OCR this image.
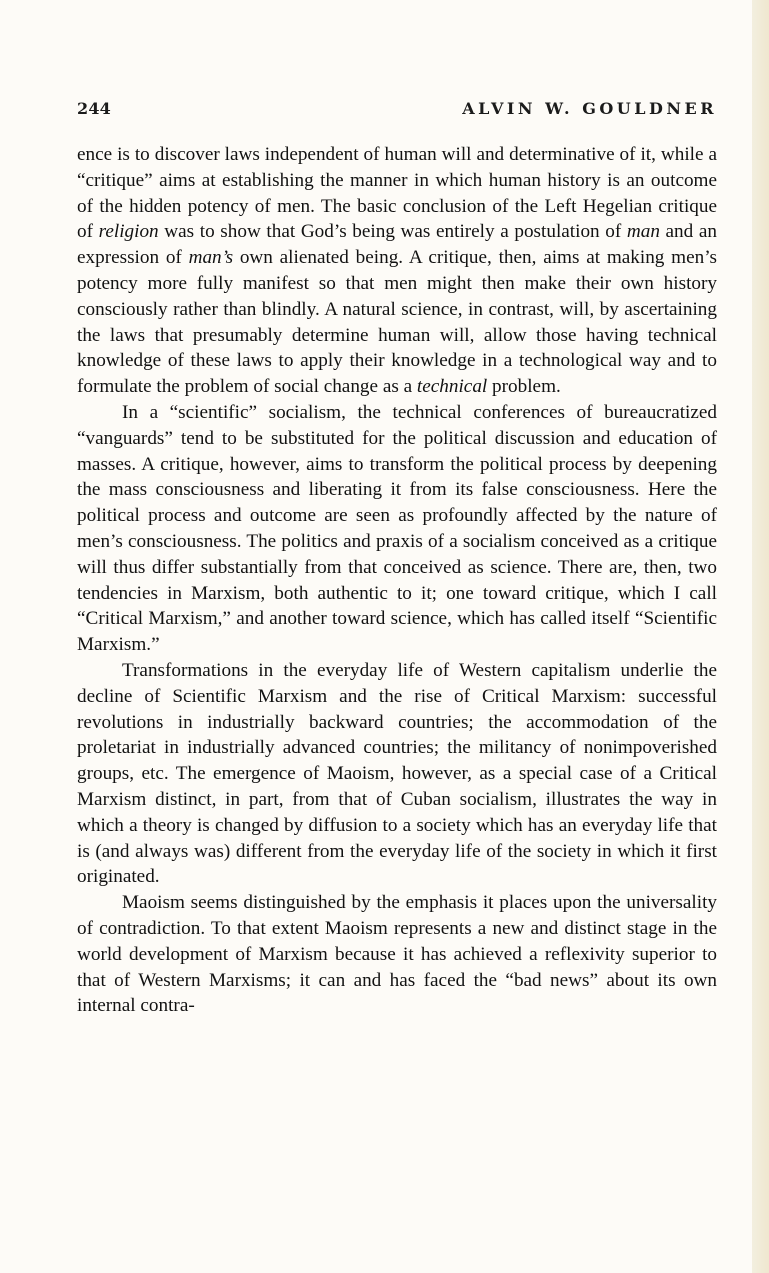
244	ALVIN W. GOULDNER

ence is to discover laws independent of human will and determinative of it, while a “critique” aims at establishing the manner in which human history is an outcome of the hidden potency of men. The basic conclusion of the Left Hegelian critique of religion was to show that God’s being was entirely a postulation of man and an expression of man’s own alienated being. A critique, then, aims at making men’s potency more fully manifest so that men might then make their own history consciously rather than blindly. A natural science, in contrast, will, by ascertaining the laws that presumably determine human will, allow those having technical knowledge of these laws to apply their knowledge in a technological way and to formulate the problem of social change as a technical problem.

In a “scientific” socialism, the technical conferences of bureaucratized “vanguards” tend to be substituted for the political discussion and education of masses. A critique, however, aims to transform the political process by deepening the mass consciousness and liberating it from its false consciousness. Here the political process and outcome are seen as profoundly affected by the nature of men’s consciousness. The politics and praxis of a socialism conceived as a critique will thus differ substantially from that conceived as science. There are, then, two tendencies in Marxism, both authentic to it; one toward critique, which I call “Critical Marxism,” and another toward science, which has called itself “Scientific Marxism.”

Transformations in the everyday life of Western capitalism underlie the decline of Scientific Marxism and the rise of Critical Marxism: successful revolutions in industrially backward countries; the accommodation of the proletariat in industrially advanced countries; the militancy of nonimpoverished groups, etc. The emergence of Maoism, however, as a special case of a Critical Marxism distinct, in part, from that of Cuban socialism, illustrates the way in which a theory is changed by diffusion to a society which has an everyday life that is (and always was) different from the everyday life of the society in which it first originated.

Maoism seems distinguished by the emphasis it places upon the universality of contradiction. To that extent Maoism represents a new and distinct stage in the world development of Marxism because it has achieved a reflexivity superior to that of Western Marxisms; it can and has faced the “bad news” about its own internal contra-
